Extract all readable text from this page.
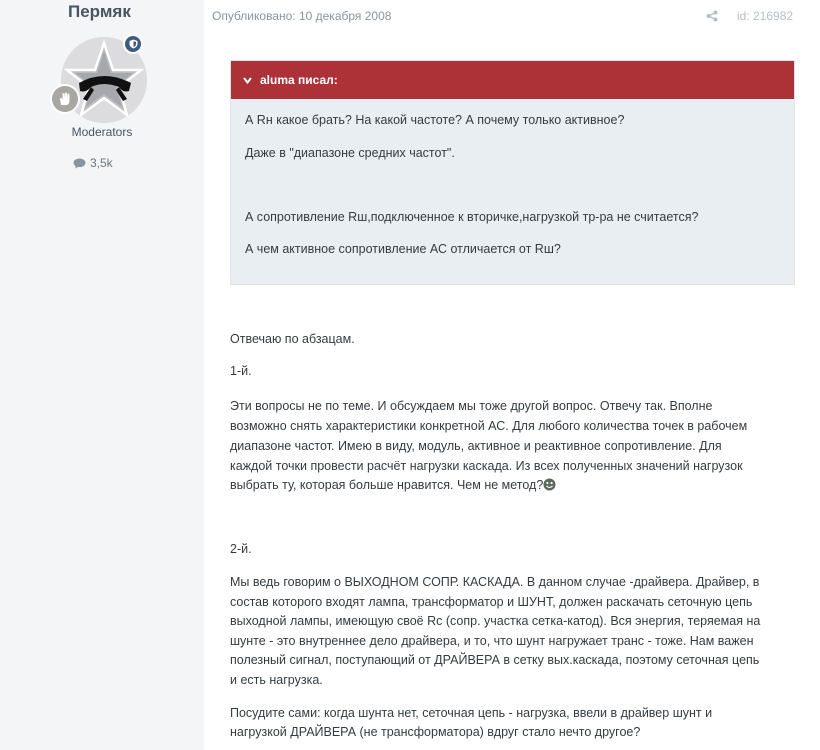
Пермяк
Moderators
3,5k
Опубликовано: 10 декабря 2008	id: 216982
aluma писал:

А Rн какое брать? На какой частоте? А почему только активное?

Даже в "диапазоне средних частот".

А сопротивление Rш,подключенное к вторичке,нагрузкой тр-ра не считается?

А чем активное сопротивление АС отличается от Rш?

Отвечаю по абзацам.

1-й.

Эти вопросы не по теме. И обсуждаем мы тоже другой вопрос. Отвечу так. Вполне

возможно снять характеристики конкретной АС. Для любого количества точек в рабочем

диапазоне частот. Имею в виду, модуль, активное и реактивное сопротивление. Для

каждой точки провести расчёт нагрузки каскада. Из всех полученных значений нагрузок

выбрать ту, которая больше нравится. Чем не метод?

2-й.

Мы ведь говорим о ВЫХОДНОМ СОПР. КАСКАДА. В данном случае -драйвера. Драйвер, в

состав которого входят лампа, трансформатор и ШУНТ, должен раскачать сеточную цепь

выходной лампы, имеющую своё Rс (сопр. участка сетка-катод). Вся энергия, теряемая на

шунте - это внутреннее дело драйвера, и то, что шунт нагружает транс - тоже. Нам важен

полезный сигнал, поступающий от ДРАЙВЕРА в сетку вых.каскада, поэтому сеточная цепь

и есть нагрузка.

Посудите сами: когда шунта нет, сеточная цепь - нагрузка, ввели в драйвер шунт и

нагрузкой ДРАЙВЕРА (не трансформатора) вдруг стало нечто другое?
